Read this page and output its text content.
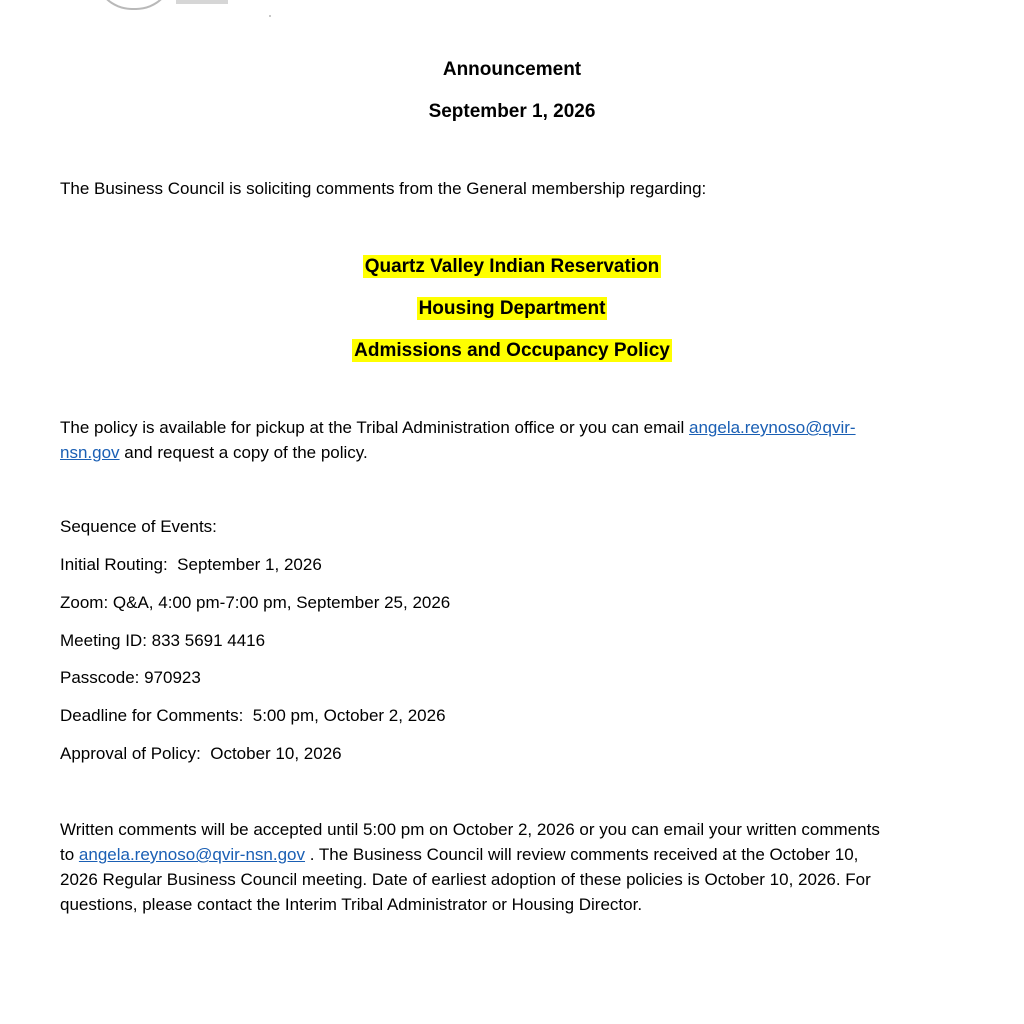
Announcement
September 1, 2026
The Business Council is soliciting comments from the General membership regarding:
Quartz Valley Indian Reservation
Housing Department
Admissions and Occupancy Policy
The policy is available for pickup at the Tribal Administration office or you can email angela.reynoso@qvir-
nsn.gov and request a copy of the policy.
Sequence of Events:
Initial Routing:  September 1, 2026
Zoom: Q&A, 4:00 pm-7:00 pm, September 25, 2026
Meeting ID: 833 5691 4416
Passcode: 970923
Deadline for Comments:  5:00 pm, October 2, 2026
Approval of Policy:  October 10, 2026
Written comments will be accepted until 5:00 pm on October 2, 2026 or you can email your written comments
to angela.reynoso@qvir-nsn.gov . The Business Council will review comments received at the October 10,
2026 Regular Business Council meeting. Date of earliest adoption of these policies is October 10, 2026. For
questions, please contact the Interim Tribal Administrator or Housing Director.
